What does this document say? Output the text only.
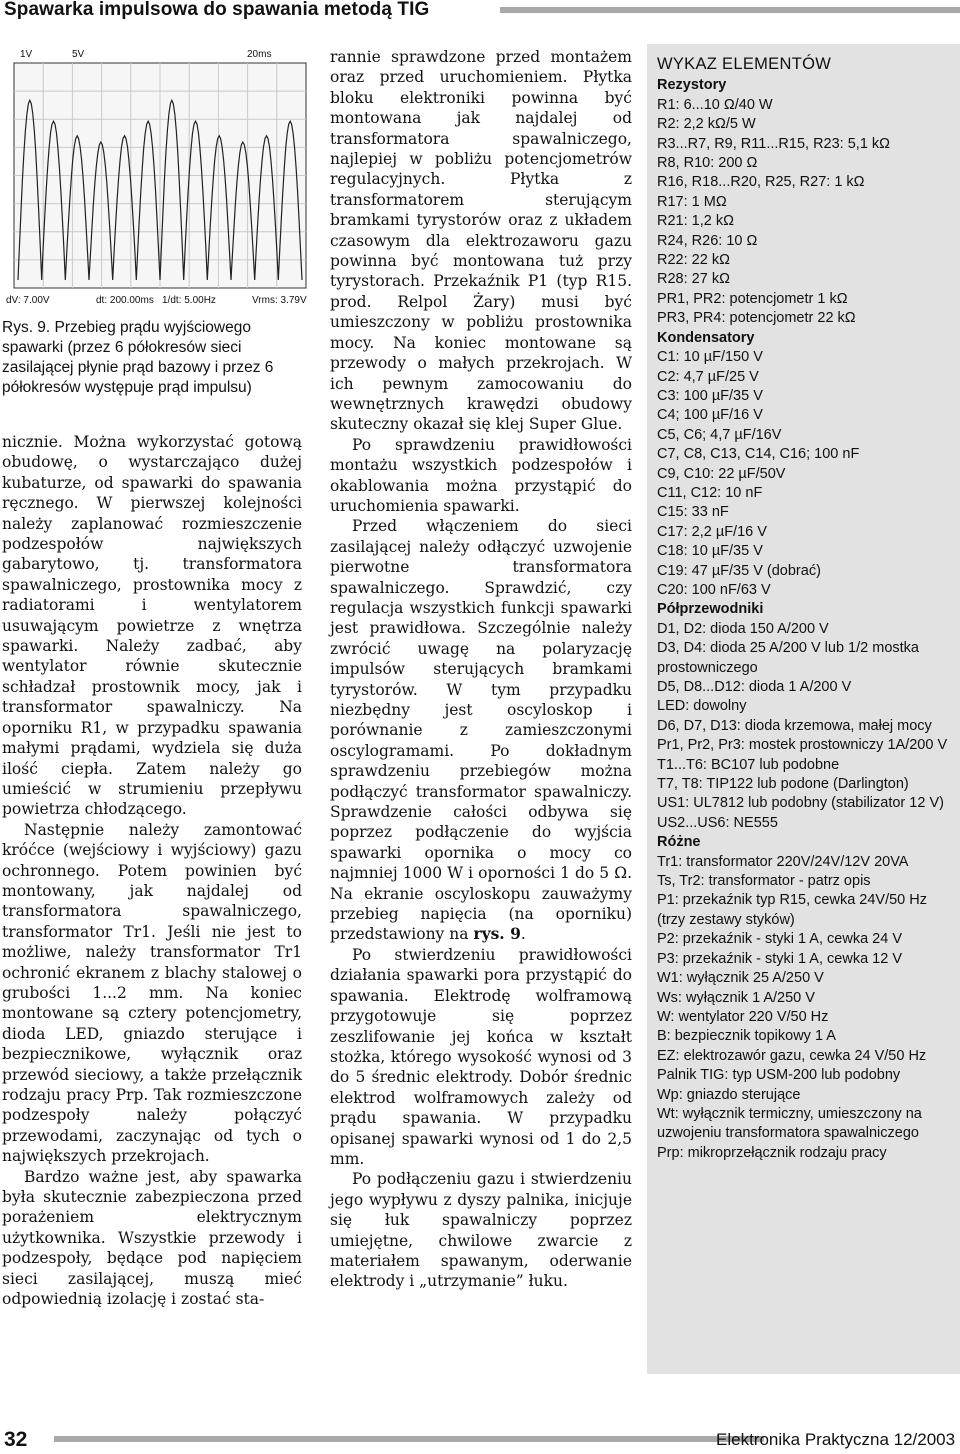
Spawarka impulsowa do spawania metodą TIG
1V	5V	20ms
dV: 7.00V	dt: 200.00ms 1/dt: 5.00Hz	Vrms: 3.79V

Rys. 9. Przebieg prądu wyjściowego spawarki (przez 6 półokresów sieci zasilającej płynie prąd bazowy i przez 6 półokresów występuje prąd impulsu)

nicznie. Można wykorzystać gotową obudowę, o wystarczająco dużej kubaturze, od spawarki do spawania ręcznego. W pierwszej kolejności należy zaplanować rozmieszczenie podzespołów największych gabarytowo, tj. transformatora spawalniczego, prostownika mocy z radiatorami i wentylatorem usuwającym powietrze z wnętrza spawarki. Należy zadbać, aby wentylator równie skutecznie schładzał prostownik mocy, jak i transformator spawalniczy. Na oporniku R1, w przypadku spawania małymi prądami, wydziela się duża ilość ciepła. Zatem należy go umieścić w strumieniu przepływu powietrza chłodzącego.

Następnie należy zamontować króćce (wejściowy i wyjściowy) gazu ochronnego. Potem powinien być montowany, jak najdalej od transformatora spawalniczego, transformator Tr1. Jeśli nie jest to możliwe, należy transformator Tr1 ochronić ekranem z blachy stalowej o grubości 1...2 mm. Na koniec montowane są cztery potencjometry, dioda LED, gniazdo sterujące i bezpiecznikowe, wyłącznik oraz przewód sieciowy, a także przełącznik rodzaju pracy Prp. Tak rozmieszczone podzespoły należy połączyć przewodami, zaczynając od tych o największych przekrojach.

Bardzo ważne jest, aby spawarka była skutecznie zabezpieczona przed porażeniem elektrycznym użytkownika. Wszystkie przewody i podzespoły, będące pod napięciem sieci zasilającej, muszą mieć odpowiednią izolację i zostać sta-

rannie sprawdzone przed montażem oraz przed uruchomieniem. Płytka bloku elektroniki powinna być montowana jak najdalej od transformatora spawalniczego, najlepiej w pobliżu potencjometrów regulacyjnych. Płytka z transformatorem sterującym bramkami tyrystorów oraz z układem czasowym dla elektrozaworu gazu powinna być montowana tuż przy tyrystorach. Przekaźnik P1 (typ R15. prod. Relpol Żary) musi być umieszczony w pobliżu prostownika mocy. Na koniec montowane są przewody o małych przekrojach. W ich pewnym zamocowaniu do wewnętrznych krawędzi obudowy skuteczny okazał się klej Super Glue.

Po sprawdzeniu prawidłowości montażu wszystkich podzespołów i okablowania można przystąpić do uruchomienia spawarki.

Przed włączeniem do sieci zasilającej należy odłączyć uzwojenie pierwotne transformatora spawalniczego. Sprawdzić, czy regulacja wszystkich funkcji spawarki jest prawidłowa. Szczególnie należy zwrócić uwagę na polaryzację impulsów sterujących bramkami tyrystorów. W tym przypadku niezbędny jest oscyloskop i porównanie z zamieszczonymi oscylogramami. Po dokładnym sprawdzeniu przebiegów można podłączyć transformator spawalniczy. Sprawdzenie całości odbywa się poprzez podłączenie do wyjścia spawarki opornika o mocy co najmniej 1000 W i oporności 1 do 5 Ω. Na ekranie oscyloskopu zauważymy przebieg napięcia (na oporniku) przedstawiony na rys. 9.

Po stwierdzeniu prawidłowości działania spawarki pora przystąpić do spawania. Elektrodę wolframową przygotowuje się poprzez zeszlifowanie jej końca w kształt stożka, którego wysokość wynosi od 3 do 5 średnic elektrody. Dobór średnic elektrod wolframowych zależy od prądu spawania. W przypadku opisanej spawarki wynosi od 1 do 2,5 mm.

Po podłączeniu gazu i stwierdzeniu jego wypływu z dyszy palnika, inicjuje się łuk spawalniczy poprzez umiejętne, chwilowe zwarcie z materiałem spawanym, oderwanie elektrody i „utrzymanie” łuku.

WYKAZ ELEMENTÓW
Rezystory
R1: 6...10 Ω/40 W
R2: 2,2 kΩ/5 W
R3...R7, R9, R11...R15, R23: 5,1 kΩ
R8, R10: 200 Ω
R16, R18...R20, R25, R27: 1 kΩ
R17: 1 MΩ
R21: 1,2 kΩ
R24, R26: 10 Ω
R22: 22 kΩ
R28: 27 kΩ
PR1, PR2: potencjometr 1 kΩ
PR3, PR4: potencjometr 22 kΩ
Kondensatory
C1: 10 µF/150 V
C2: 4,7 µF/25 V
C3: 100 µF/35 V
C4; 100 µF/16 V
C5, C6; 4,7 µF/16V
C7, C8, C13, C14, C16; 100 nF
C9, C10: 22 µF/50V
C11, C12: 10 nF
C15: 33 nF
C17: 2,2 µF/16 V
C18: 10 µF/35 V
C19: 47 µF/35 V (dobrać)
C20: 100 nF/63 V
Półprzewodniki
D1, D2: dioda 150 A/200 V
D3, D4: dioda 25 A/200 V lub 1/2 mostka prostowniczego
D5, D8...D12: dioda 1 A/200 V
LED: dowolny
D6, D7, D13: dioda krzemowa, małej mocy
Pr1, Pr2, Pr3: mostek prostowniczy 1A/200 V
T1...T6: BC107 lub podobne
T7, T8: TIP122 lub podone (Darlington)
US1: UL7812 lub podobny (stabilizator 12 V)
US2...US6: NE555
Różne
Tr1: transformator 220V/24V/12V 20VA
Ts, Tr2: transformator - patrz opis
P1: przekaźnik typ R15, cewka 24V/50 Hz (trzy zestawy styków)
P2: przekaźnik - styki 1 A, cewka 24 V
P3: przekaźnik - styki 1 A, cewka 12 V
W1: wyłącznik 25 A/250 V
Ws: wyłącznik 1 A/250 V
W: wentylator 220 V/50 Hz
B: bezpiecznik topikowy 1 A
EZ: elektrozawór gazu, cewka 24 V/50 Hz
Palnik TIG: typ USM-200 lub podobny
Wp: gniazdo sterujące
Wt: wyłącznik termiczny, umieszczony na uzwojeniu transformatora spawalniczego
Prp: mikroprzełącznik rodzaju pracy
32	Elektronika Praktyczna 12/2003
